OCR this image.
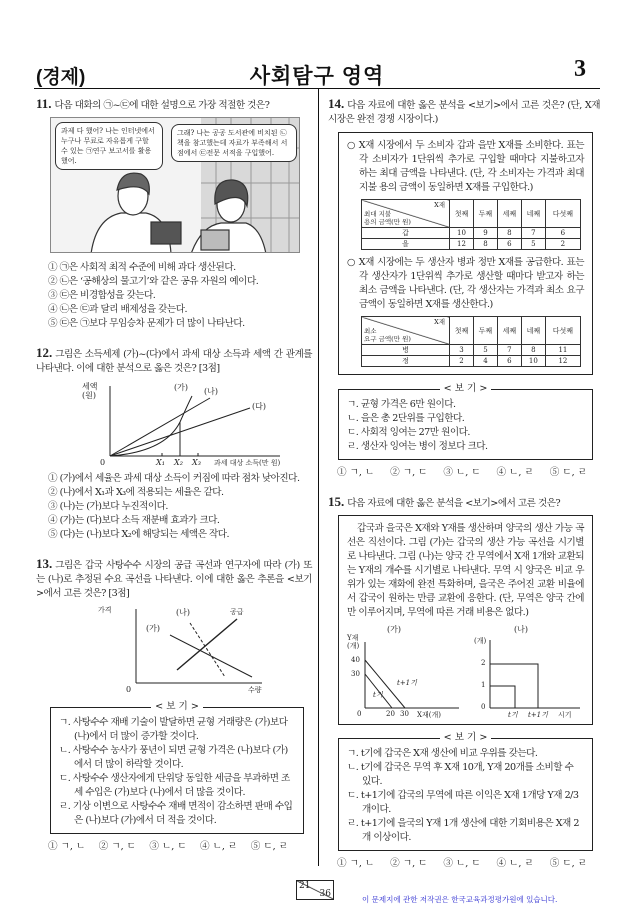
(경제)	사회탐구 영역	3
11. 다음 대화의 ㉠~㉢에 대한 설명으로 가장 적절한 것은?
과제 다 했어? 나는 인터넷에서 누구나 무료로 자유롭게 구할 수 있는 ㉠연구 보고서를 활용했어.
그래? 나는 공공 도서관에 비치된 ㉡책을 참고했는데 자료가 부족해서 서점에서 ㉢전문 서적을 구입했어.
① ㉠은 사회적 최적 수준에 비해 과다 생산된다.
② ㉡은 ‘공해상의 물고기’와 같은 공유 자원의 예이다.
③ ㉢은 비경합성을 갖는다.
④ ㉡은 ㉢과 달리 배제성을 갖는다.
⑤ ㉢은 ㉠보다 무임승차 문제가 더 많이 나타난다.
12. 그림은 소득세제 (가)~(다)에서 과세 대상 소득과 세액 간 관계를 나타낸다. 이에 대한 분석으로 옳은 것은? [3점]
세액
(원)
0	X₁ X₂ X₃ 과세 대상 소득(만 원)
(가) (나)
(다)
① (가)에서 세율은 과세 대상 소득이 커짐에 따라 점차 낮아진다.
② (나)에서 X₁과 X₃에 적용되는 세율은 같다.
③ (나)는 (가)보다 누진적이다.
④ (가)는 (다)보다 소득 재분배 효과가 크다.
⑤ (다)는 (나)보다 X₂에 해당되는 세액은 작다.
13. 그림은 갑국 사탕수수 시장의 공급 곡선과 연구자에 따라 (가) 또는 (나)로 추정된 수요 곡선을 나타낸다. 이에 대한 옳은 추론을 <보기>에서 고른 것은? [3점]
가격
0	수량
공급
(가)
(나)
< 보 기 >
ㄱ. 사탕수수 재배 기술이 발달하면 균형 거래량은 (가)보다 (나)에서 더 많이 증가할 것이다.
ㄴ. 사탕수수 농사가 풍년이 되면 균형 가격은 (나)보다 (가)에서 더 많이 하락할 것이다.
ㄷ. 사탕수수 생산자에게 단위당 동일한 세금을 부과하면 조세 수입은 (가)보다 (나)에서 더 많을 것이다.
ㄹ. 기상 이변으로 사탕수수 재배 면적이 감소하면 판매 수입은 (나)보다 (가)에서 더 적을 것이다.
① ㄱ, ㄴ ② ㄱ, ㄷ ③ ㄴ, ㄷ ④ ㄴ, ㄹ ⑤ ㄷ, ㄹ
14. 다음 자료에 대한 옳은 분석을 <보기>에서 고른 것은? (단, X재 시장은 완전 경쟁 시장이다.)
○ X재 시장에서 두 소비자 갑과 을만 X재를 소비한다. 표는 각 소비자가 1단위씩 추가로 구입할 때마다 지불하고자 하는 최대 금액을 나타낸다. (단, 각 소비자는 가격과 최대 지불 용의 금액이 동일하면 X재를 구입한다.)
X재
최대 지불
용의 금액(만 원)	첫째	두째	세째	네째	다섯째
갑	10	9	8	7	6
을	12	8	6	5	2
○ X재 시장에는 두 생산자 병과 정만 X재를 공급한다. 표는 각 생산자가 1단위씩 추가로 생산할 때마다 받고자 하는 최소 금액을 나타낸다. (단, 각 생산자는 가격과 최소 요구 금액이 동일하면 X재를 생산한다.)
X재
최소
요구 금액(만 원)	첫째	두째	세째	네째	다섯째
병	3	5	7	8	11
정	2	4	6	10	12
< 보 기 >
ㄱ. 균형 가격은 6만 원이다.
ㄴ. 을은 총 2단위를 구입한다.
ㄷ. 사회적 잉여는 27만 원이다.
ㄹ. 생산자 잉여는 병이 정보다 크다.
① ㄱ, ㄴ ② ㄱ, ㄷ ③ ㄴ, ㄷ ④ ㄴ, ㄹ ⑤ ㄷ, ㄹ
15. 다음 자료에 대한 옳은 분석을 <보기>에서 고른 것은?
갑국과 을국은 X재와 Y재를 생산하며 양국의 생산 가능 곡선은 직선이다. 그림 (가)는 갑국의 생산 가능 곡선을 시기별로 나타낸다. 그림 (나)는 양국 간 무역에서 X재 1개와 교환되는 Y재의 개수를 시기별로 나타낸다. 무역 시 양국은 비교 우위가 있는 재화에 완전 특화하며, 을국은 주어진 교환 비율에서 갑국이 원하는 만큼 교환에 응한다. (단, 무역은 양국 간에만 이루어지며, 무역에 따른 거래 비용은 없다.)
(가)
Y재
(개)
30
40
0	20 30 X재(개)
t기
t+1기
(나)
(개)
0
1
2
t기 t+1기 시기
< 보 기 >
ㄱ. t기에 갑국은 X재 생산에 비교 우위를 갖는다.
ㄴ. t기에 갑국은 무역 후 X재 10개, Y재 20개를 소비할 수 있다.
ㄷ. t+1기에 갑국의 무역에 따른 이익은 X재 1개당 Y재 2/3개이다.
ㄹ. t+1기에 을국의 Y재 1개 생산에 대한 기회비용은 X재 2개 이상이다.
① ㄱ, ㄴ ② ㄱ, ㄷ ③ ㄴ, ㄷ ④ ㄴ, ㄹ ⑤ ㄷ, ㄹ
21
36
이 문제지에 관한 저작권은 한국교육과정평가원에 있습니다.
